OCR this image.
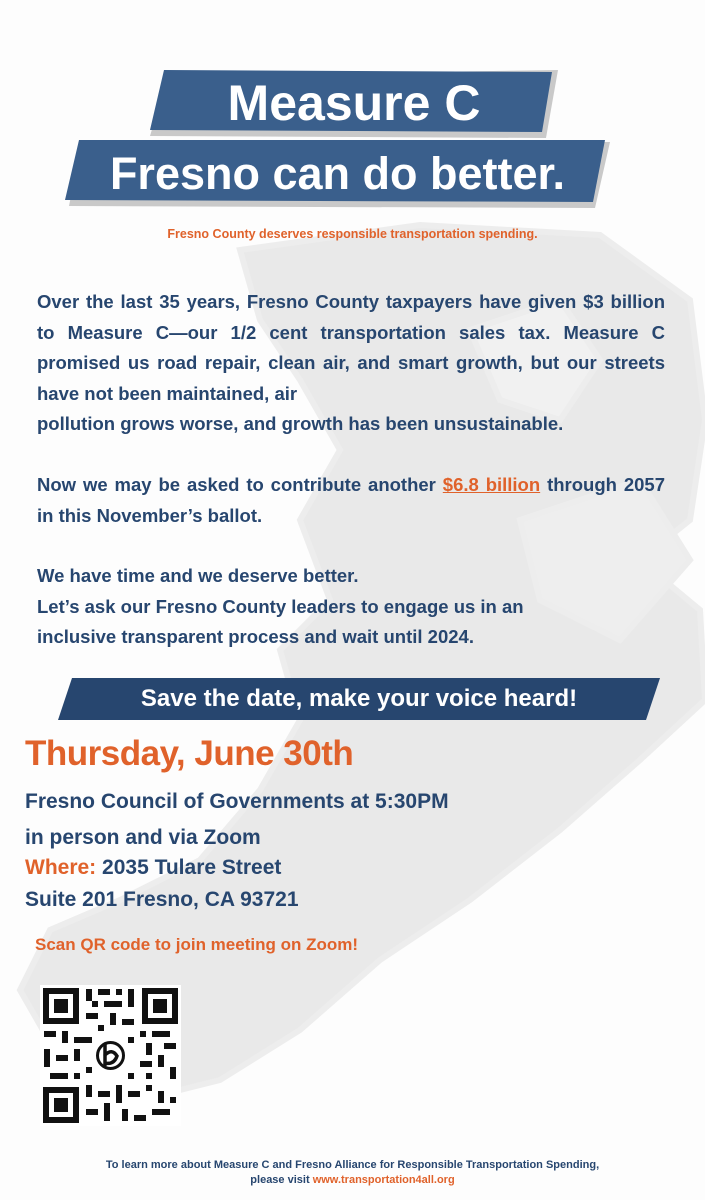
Measure C
Fresno can do better.
Fresno County deserves responsible transportation spending.
Over the last 35 years, Fresno County taxpayers have given $3 billion to Measure C—our 1/2 cent transportation sales tax. Measure C promised us road repair, clean air, and smart growth, but our streets have not been maintained, air
pollution grows worse, and growth has been unsustainable.
Now we may be asked to contribute another $6.8 billion through 2057 in this November’s ballot.
We have time and we deserve better.
Let’s ask our Fresno County leaders to engage us in an
inclusive transparent process and wait until 2024.
Save the date, make your voice heard!
Thursday, June 30th
Fresno Council of Governments at 5:30PM
in person and via Zoom
Where: 2035 Tulare Street
Suite 201 Fresno, CA 93721
Scan QR code to join meeting on Zoom!
To learn more about Measure C and Fresno Alliance for Responsible Transportation Spending,
please visit www.transportation4all.org
